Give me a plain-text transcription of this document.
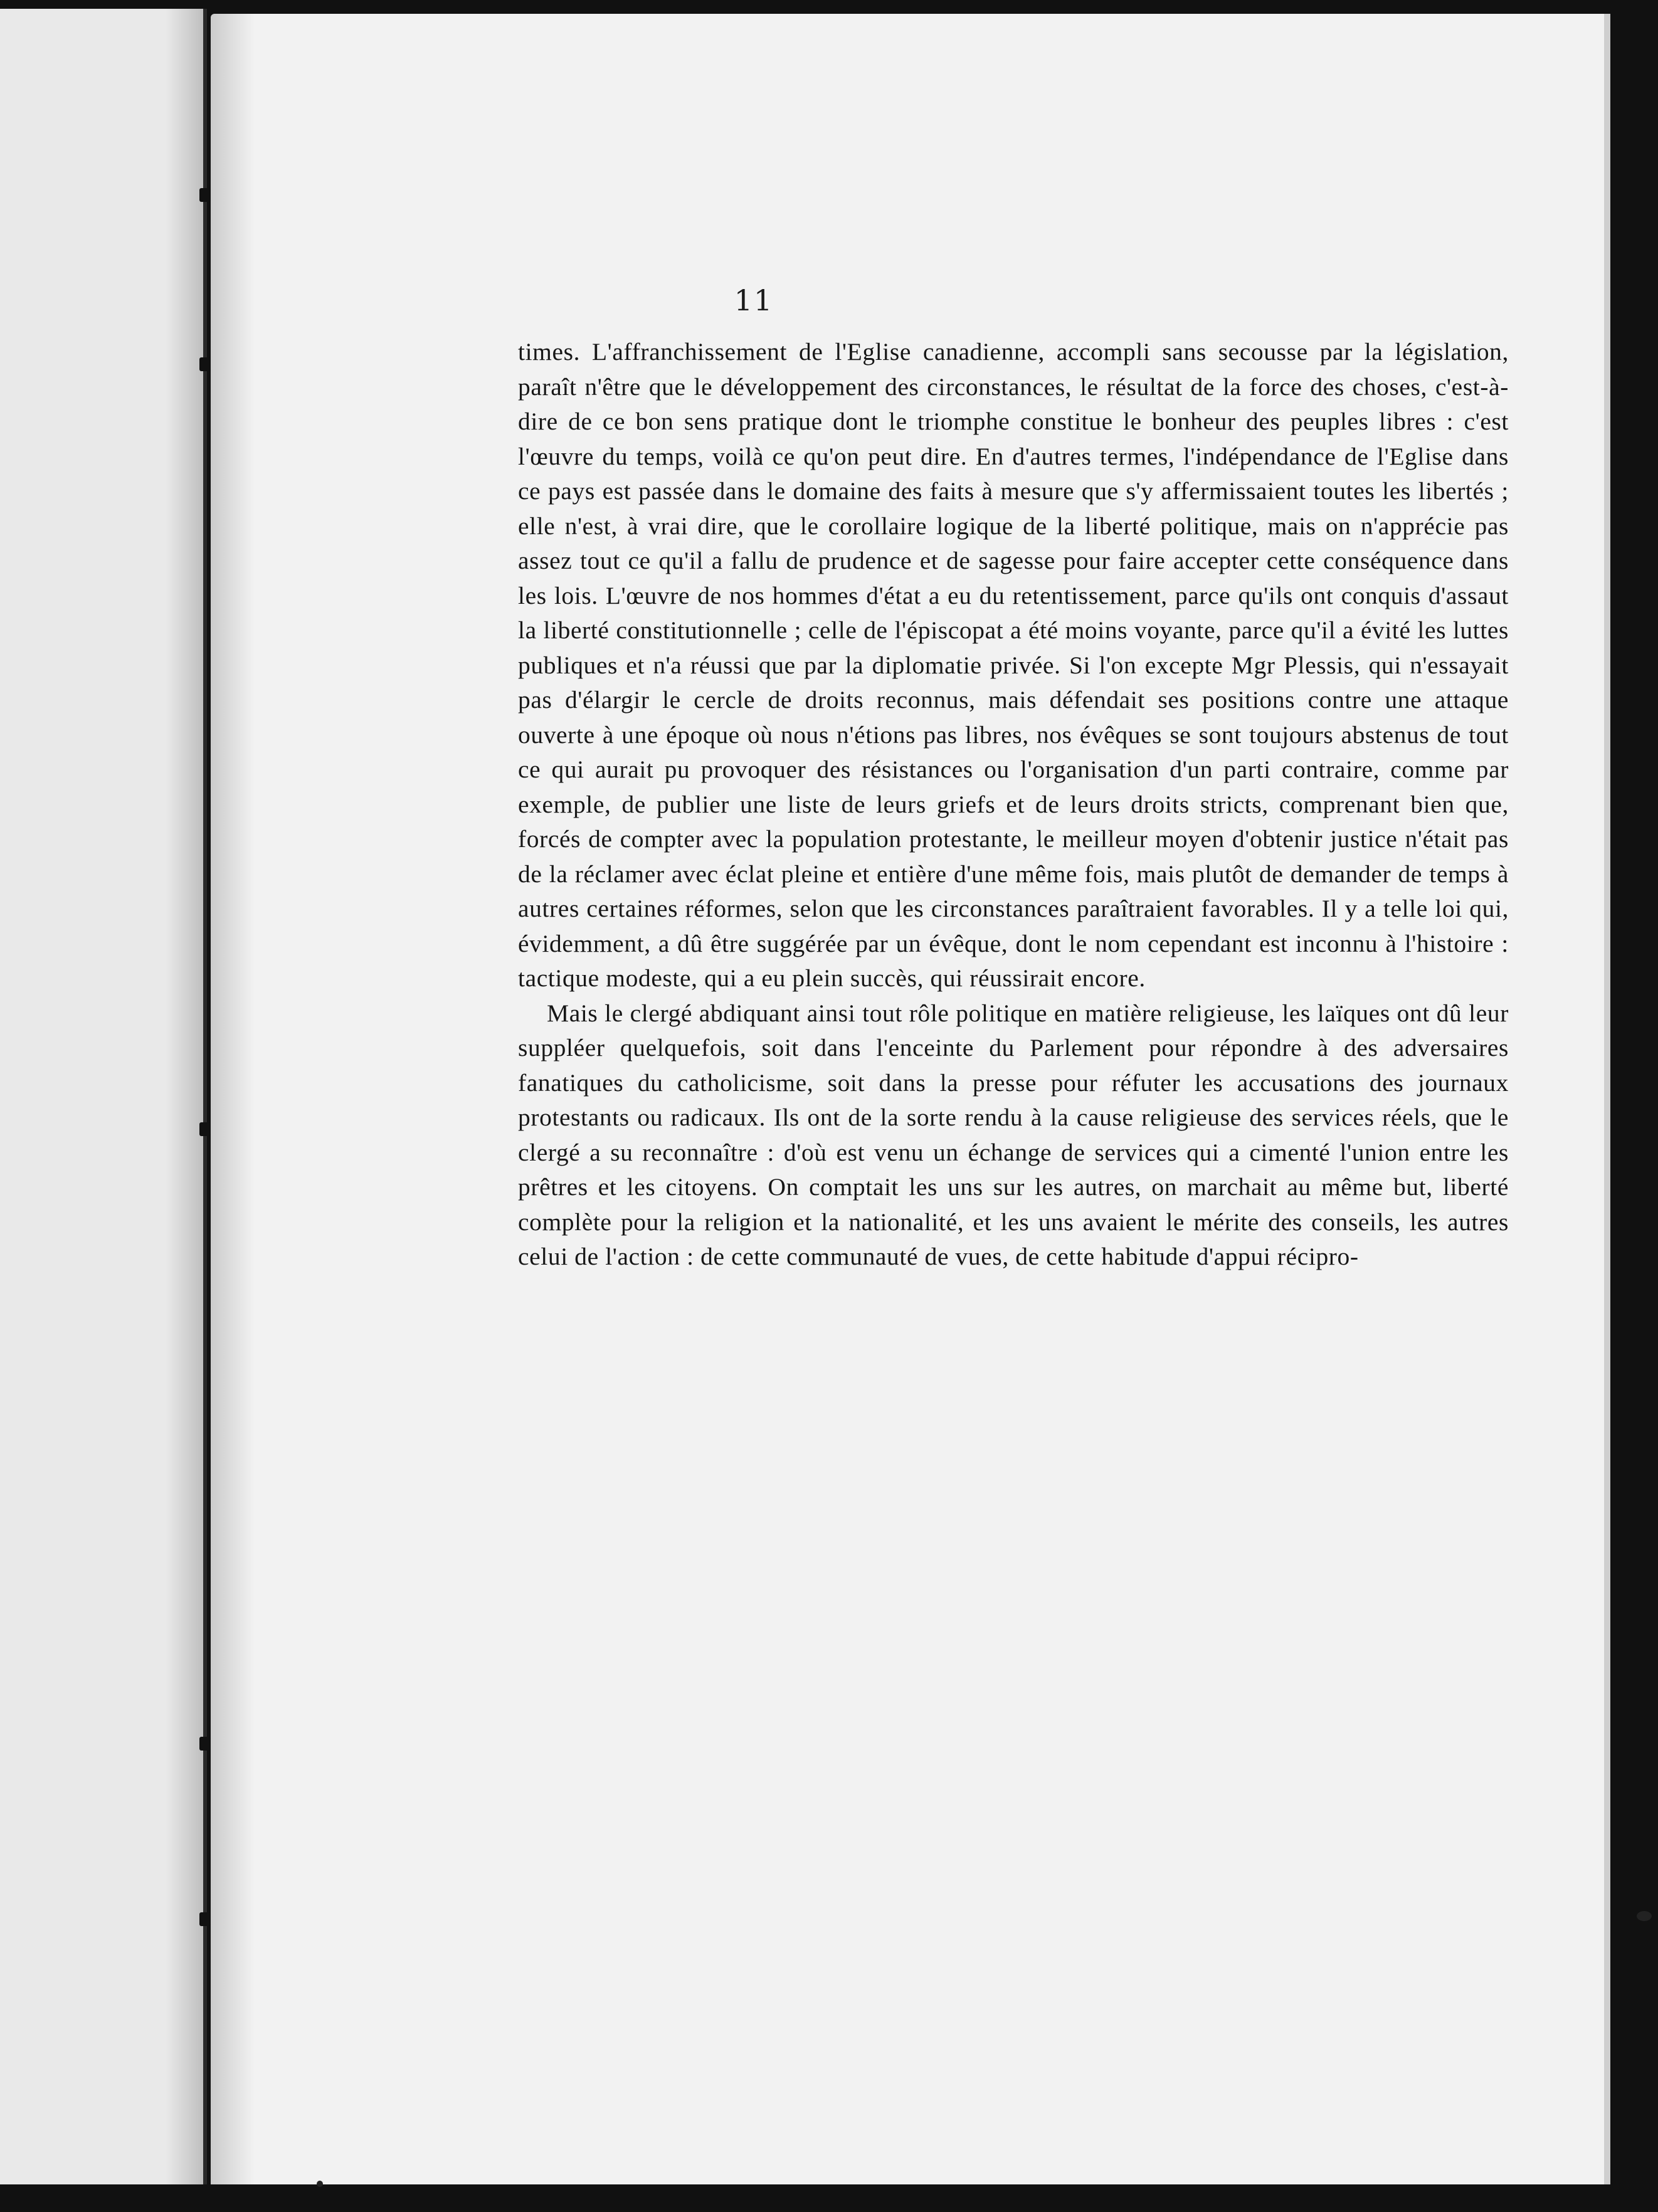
11

times. L'affranchissement de l'Eglise canadienne, accompli sans secousse par la législation, paraît n'être que le développement des circonstances, le résultat de la force des choses, c'est-à-dire de ce bon sens pratique dont le triomphe constitue le bonheur des peuples libres : c'est l'œuvre du temps, voilà ce qu'on peut dire. En d'autres termes, l'indépendance de l'Eglise dans ce pays est passée dans le domaine des faits à mesure que s'y affermissaient toutes les libertés ; elle n'est, à vrai dire, que le corollaire logique de la liberté politique, mais on n'apprécie pas assez tout ce qu'il a fallu de prudence et de sagesse pour faire accepter cette conséquence dans les lois. L'œuvre de nos hommes d'état a eu du retentissement, parce qu'ils ont conquis d'assaut la liberté constitutionnelle ; celle de l'épiscopat a été moins voyante, parce qu'il a évité les luttes publiques et n'a réussi que par la diplomatie privée. Si l'on excepte Mgr Plessis, qui n'essayait pas d'élargir le cercle de droits reconnus, mais défendait ses positions contre une attaque ouverte à une époque où nous n'étions pas libres, nos évêques se sont toujours abstenus de tout ce qui aurait pu provoquer des résistances ou l'organisation d'un parti contraire, comme par exemple, de publier une liste de leurs griefs et de leurs droits stricts, comprenant bien que, forcés de compter avec la population protestante, le meilleur moyen d'obtenir justice n'était pas de la réclamer avec éclat pleine et entière d'une même fois, mais plutôt de demander de temps à autres certaines réformes, selon que les circonstances paraîtraient favorables. Il y a telle loi qui, évidemment, a dû être suggérée par un évêque, dont le nom cependant est inconnu à l'histoire : tactique modeste, qui a eu plein succès, qui réussirait encore.

Mais le clergé abdiquant ainsi tout rôle politique en matière religieuse, les laïques ont dû leur suppléer quelquefois, soit dans l'enceinte du Parlement pour répondre à des adversaires fanatiques du catholicisme, soit dans la presse pour réfuter les accusations des journaux protestants ou radicaux. Ils ont de la sorte rendu à la cause religieuse des services réels, que le clergé a su reconnaître : d'où est venu un échange de services qui a cimenté l'union entre les prêtres et les citoyens. On comptait les uns sur les autres, on marchait au même but, liberté complète pour la religion et la nationalité, et les uns avaient le mérite des conseils, les autres celui de l'action : de cette communauté de vues, de cette habitude d'appui récipro-
